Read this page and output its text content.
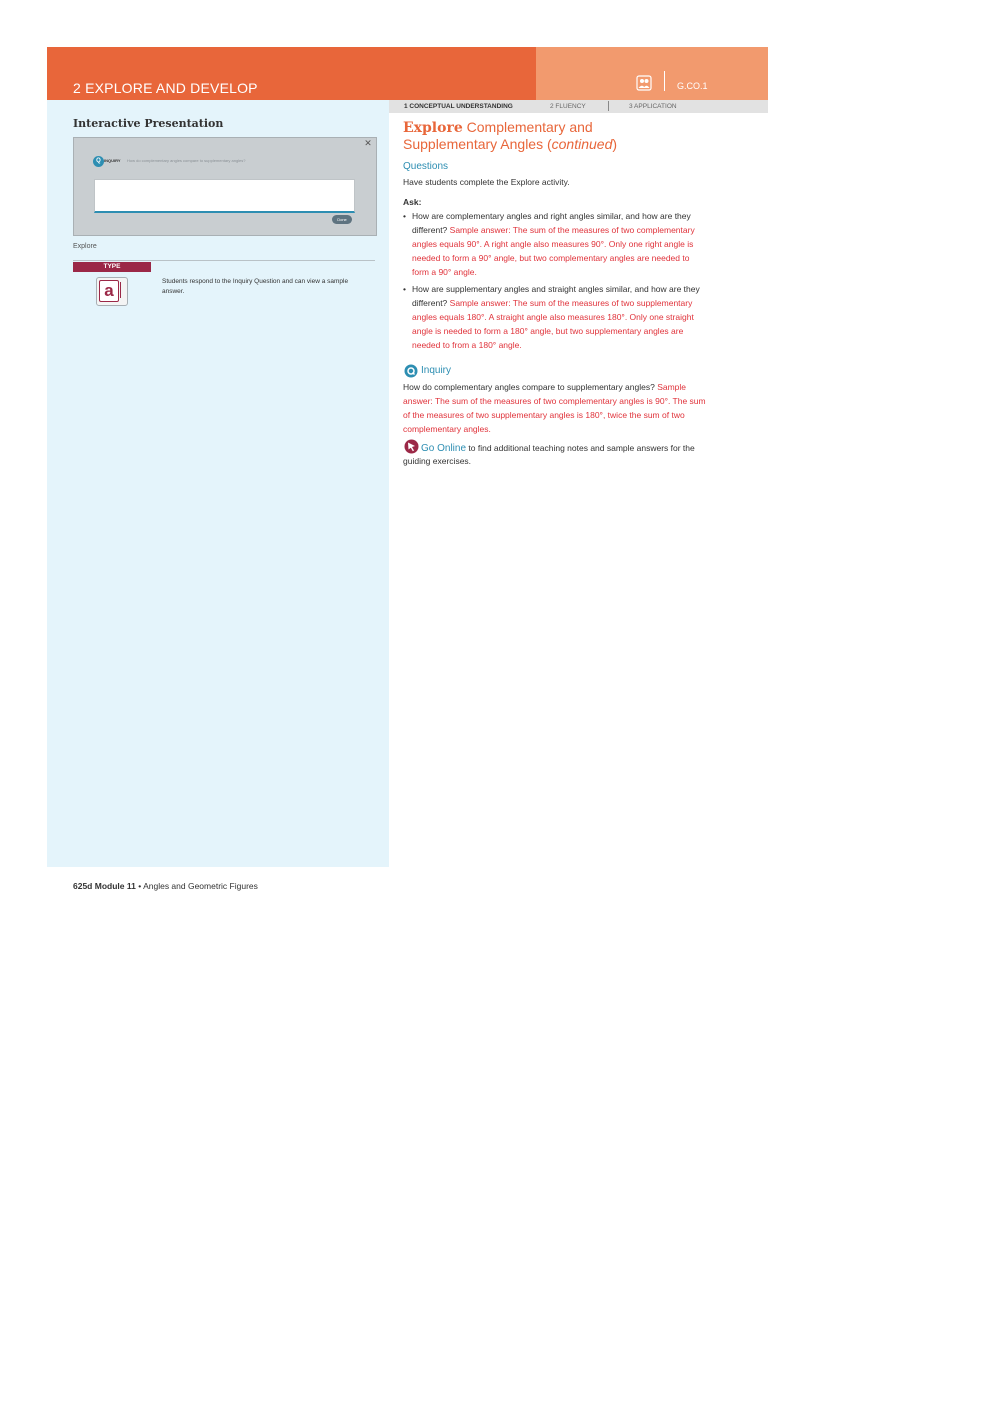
2 EXPLORE AND DEVELOP	G.CO.1
Interactive Presentation
✕
Q INQUIRY How do complementary angles compare to supplementary angles?
Done
Explore
TYPE
a	Students respond to the Inquiry Question and can view a sample answer.
1 CONCEPTUAL UNDERSTANDING	2 FLUENCY	3 APPLICATION
Explore Complementary and
Supplementary Angles (continued)
Questions
Have students complete the Explore activity.
Ask:
• How are complementary angles and right angles similar, and how are they different? Sample answer: The sum of the measures of two complementary angles equals 90°. A right angle also measures 90°. Only one right angle is needed to form a 90° angle, but two complementary angles are needed to form a 90° angle.
• How are supplementary angles and straight angles similar, and how are they different? Sample answer: The sum of the measures of two supplementary angles equals 180°. A straight angle also measures 180°. Only one straight angle is needed to form a 180° angle, but two supplementary angles are needed to from a 180° angle.
Inquiry
How do complementary angles compare to supplementary angles? Sample answer: The sum of the measures of two complementary angles is 90°. The sum of the measures of two supplementary angles is 180°, twice the sum of two complementary angles.
Go Online to find additional teaching notes and sample answers for the guiding exercises.
625d Module 11 • Angles and Geometric Figures
